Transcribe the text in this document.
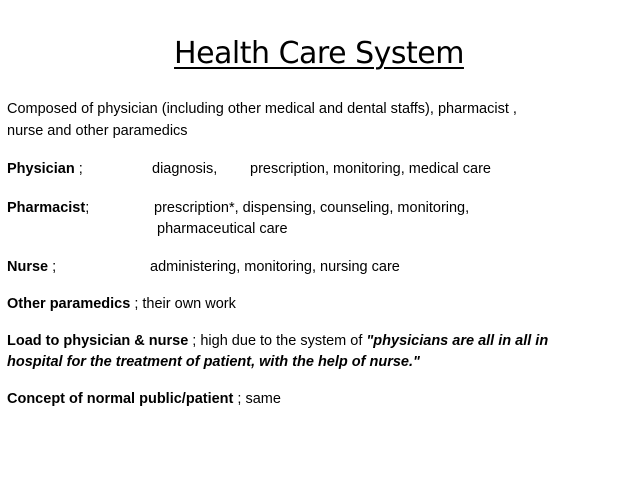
Health Care System
Composed of physician (including other medical and dental staffs), pharmacist ,
nurse and other paramedics
Physician ;	diagnosis, prescription, monitoring, medical care
Pharmacist;	prescription*, dispensing, counseling, monitoring,
pharmaceutical care
Nurse ;	administering, monitoring, nursing care
Other paramedics ; their own work
Load to physician & nurse ; high due to the system of "physicians are all in all in
hospital for the treatment of patient, with the help of nurse."
Concept of normal public/patient ; same
